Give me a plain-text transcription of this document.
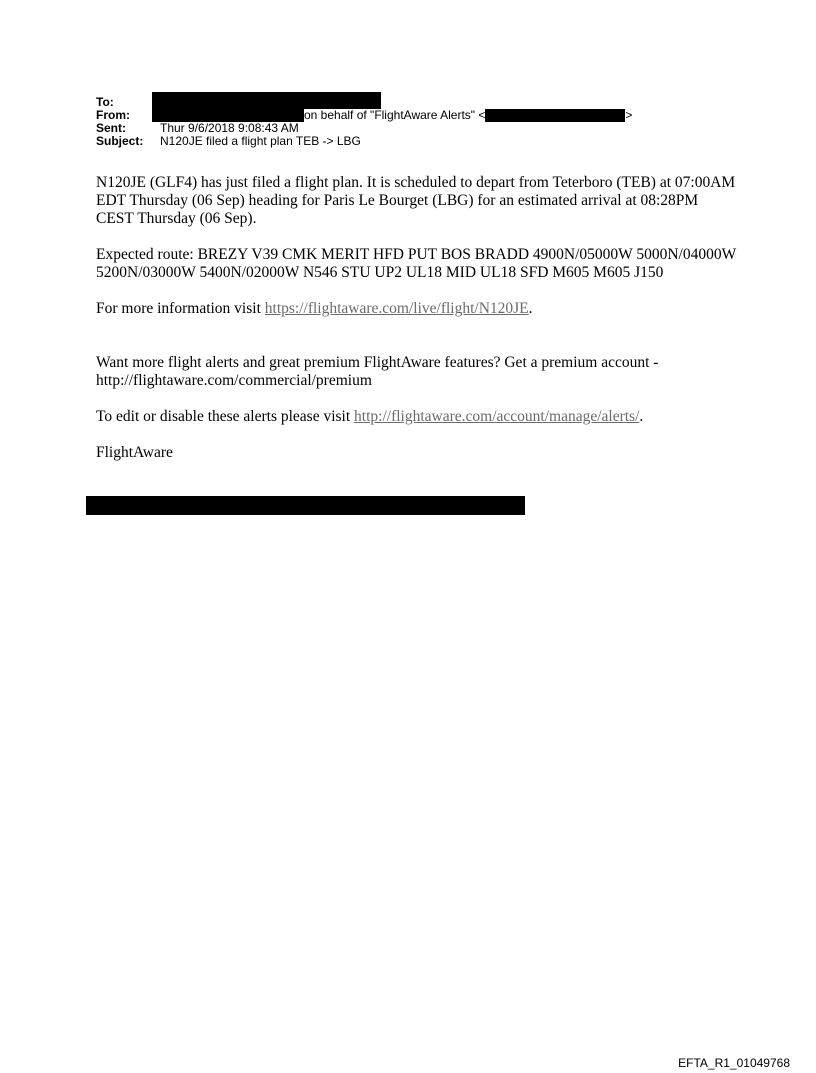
To:
From:	on behalf of "FlightAware Alerts" <	>
Sent:	Thur 9/6/2018 9:08:43 AM
Subject: N120JE filed a flight plan TEB -> LBG

N120JE (GLF4) has just filed a flight plan. It is scheduled to depart from Teterboro (TEB) at 07:00AM EDT Thursday (06 Sep) heading for Paris Le Bourget (LBG) for an estimated arrival at 08:28PM CEST Thursday (06 Sep).

Expected route: BREZY V39 CMK MERIT HFD PUT BOS BRADD 4900N/05000W 5000N/04000W 5200N/03000W 5400N/02000W N546 STU UP2 UL18 MID UL18 SFD M605 M605 J150

For more information visit https://flightaware.com/live/flight/N120JE.

Want more flight alerts and great premium FlightAware features? Get a premium account - http://flightaware.com/commercial/premium

To edit or disable these alerts please visit http://flightaware.com/account/manage/alerts/.

FlightAware

EFTA_R1_01049768
